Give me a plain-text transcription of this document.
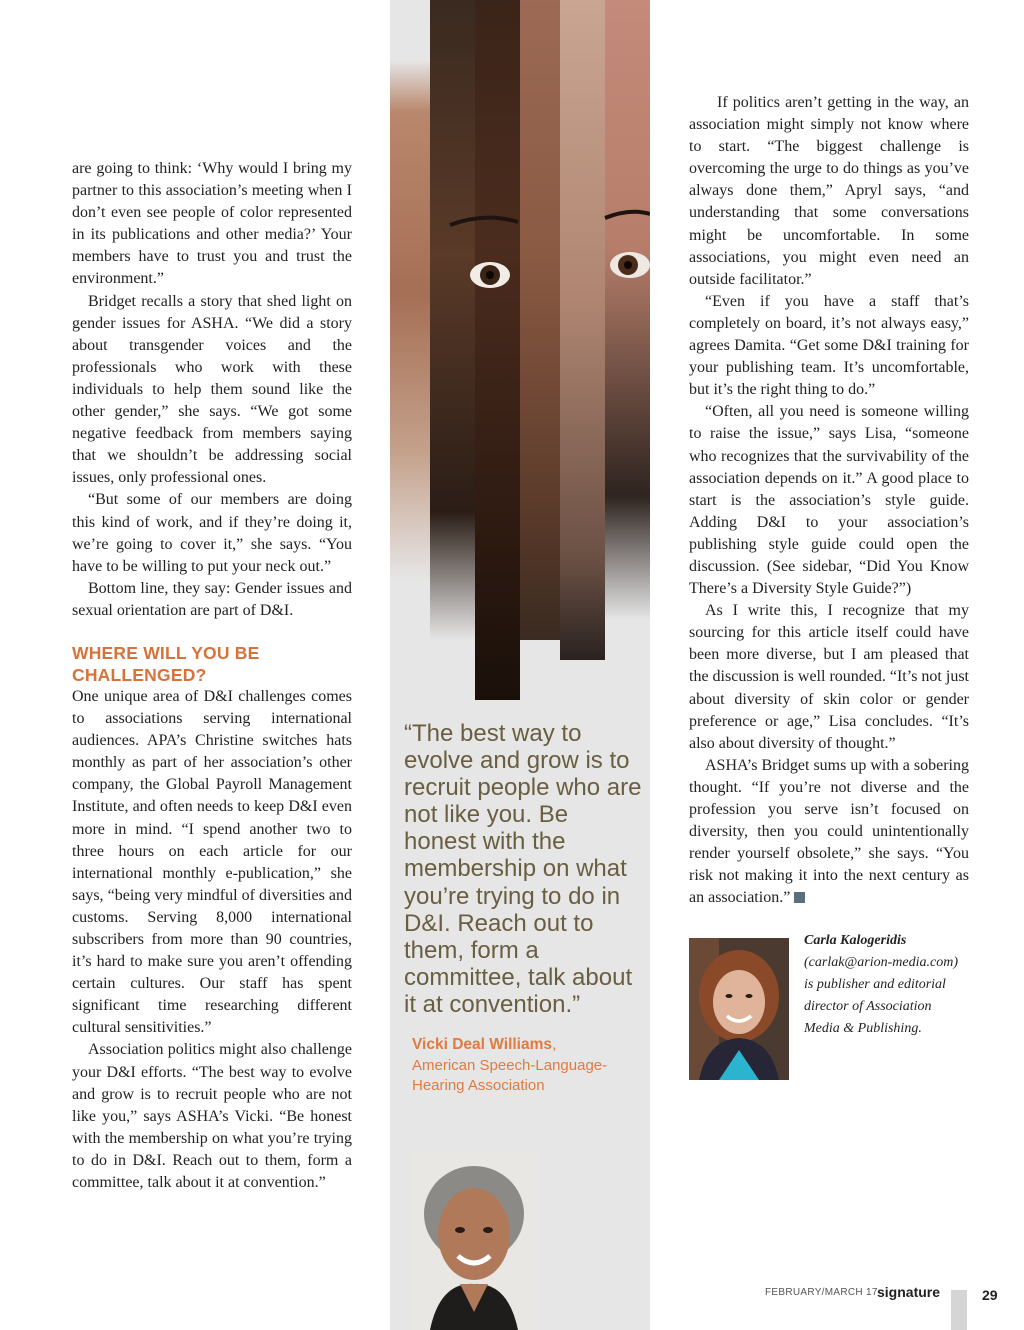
are going to think: ‘Why would I bring my partner to this association’s meeting when I don’t even see people of color represented in its publications and other media?’ Your members have to trust you and trust the environment.”

Bridget recalls a story that shed light on gender issues for ASHA. “We did a story about transgender voices and the professionals who work with these individuals to help them sound like the other gender,” she says. “We got some negative feedback from members saying that we shouldn’t be addressing social issues, only professional ones.

“But some of our members are doing this kind of work, and if they’re doing it, we’re going to cover it,” she says. “You have to be willing to put your neck out.”

Bottom line, they say: Gender issues and sexual orientation are part of D&I.

WHERE WILL YOU BE CHALLENGED?

One unique area of D&I challenges comes to associations serving international audiences. APA’s Christine switches hats monthly as part of her association’s other company, the Global Payroll Management Institute, and often needs to keep D&I even more in mind. “I spend another two to three hours on each article for our international monthly e-publication,” she says, “being very mindful of diversities and customs. Serving 8,000 international subscribers from more than 90 countries, it’s hard to make sure you aren’t offending certain cultures. Our staff has spent significant time researching different cultural sensitivities.”

Association politics might also challenge your D&I efforts. “The best way to evolve and grow is to recruit people who are not like you,” says ASHA’s Vicki. “Be honest with the membership on what you’re trying to do in D&I. Reach out to them, form a committee, talk about it at convention.”

“The best way to evolve and grow is to recruit people who are not like you. Be honest with the membership on what you’re trying to do in D&I. Reach out to them, form a committee, talk about it at convention.”

Vicki Deal Williams,
American Speech-Language-Hearing Association

If politics aren’t getting in the way, an association might simply not know where to start. “The biggest challenge is overcoming the urge to do things as you’ve always done them,” Apryl says, “and understanding that some conversations might be uncomfortable. In some associations, you might even need an outside facilitator.”

“Even if you have a staff that’s completely on board, it’s not always easy,” agrees Damita. “Get some D&I training for your publishing team. It’s uncomfortable, but it’s the right thing to do.”

“Often, all you need is someone willing to raise the issue,” says Lisa, “someone who recognizes that the survivability of the association depends on it.” A good place to start is the association’s style guide. Adding D&I to your association’s publishing style guide could open the discussion. (See sidebar, “Did You Know There’s a Diversity Style Guide?”)

As I write this, I recognize that my sourcing for this article itself could have been more diverse, but I am pleased that the discussion is well rounded. “It’s not just about diversity of skin color or gender preference or age,” Lisa concludes. “It’s also about diversity of thought.”

ASHA’s Bridget sums up with a sobering thought. “If you’re not diverse and the profession you serve isn’t focused on diversity, then you could unintentionally render yourself obsolete,” she says. “You risk not making it into the next century as an association.”

Carla Kalogeridis
(carlak@arion-media.com) is publisher and editorial director of Association Media & Publishing.
FEBRUARY/MARCH 17 signature	29
